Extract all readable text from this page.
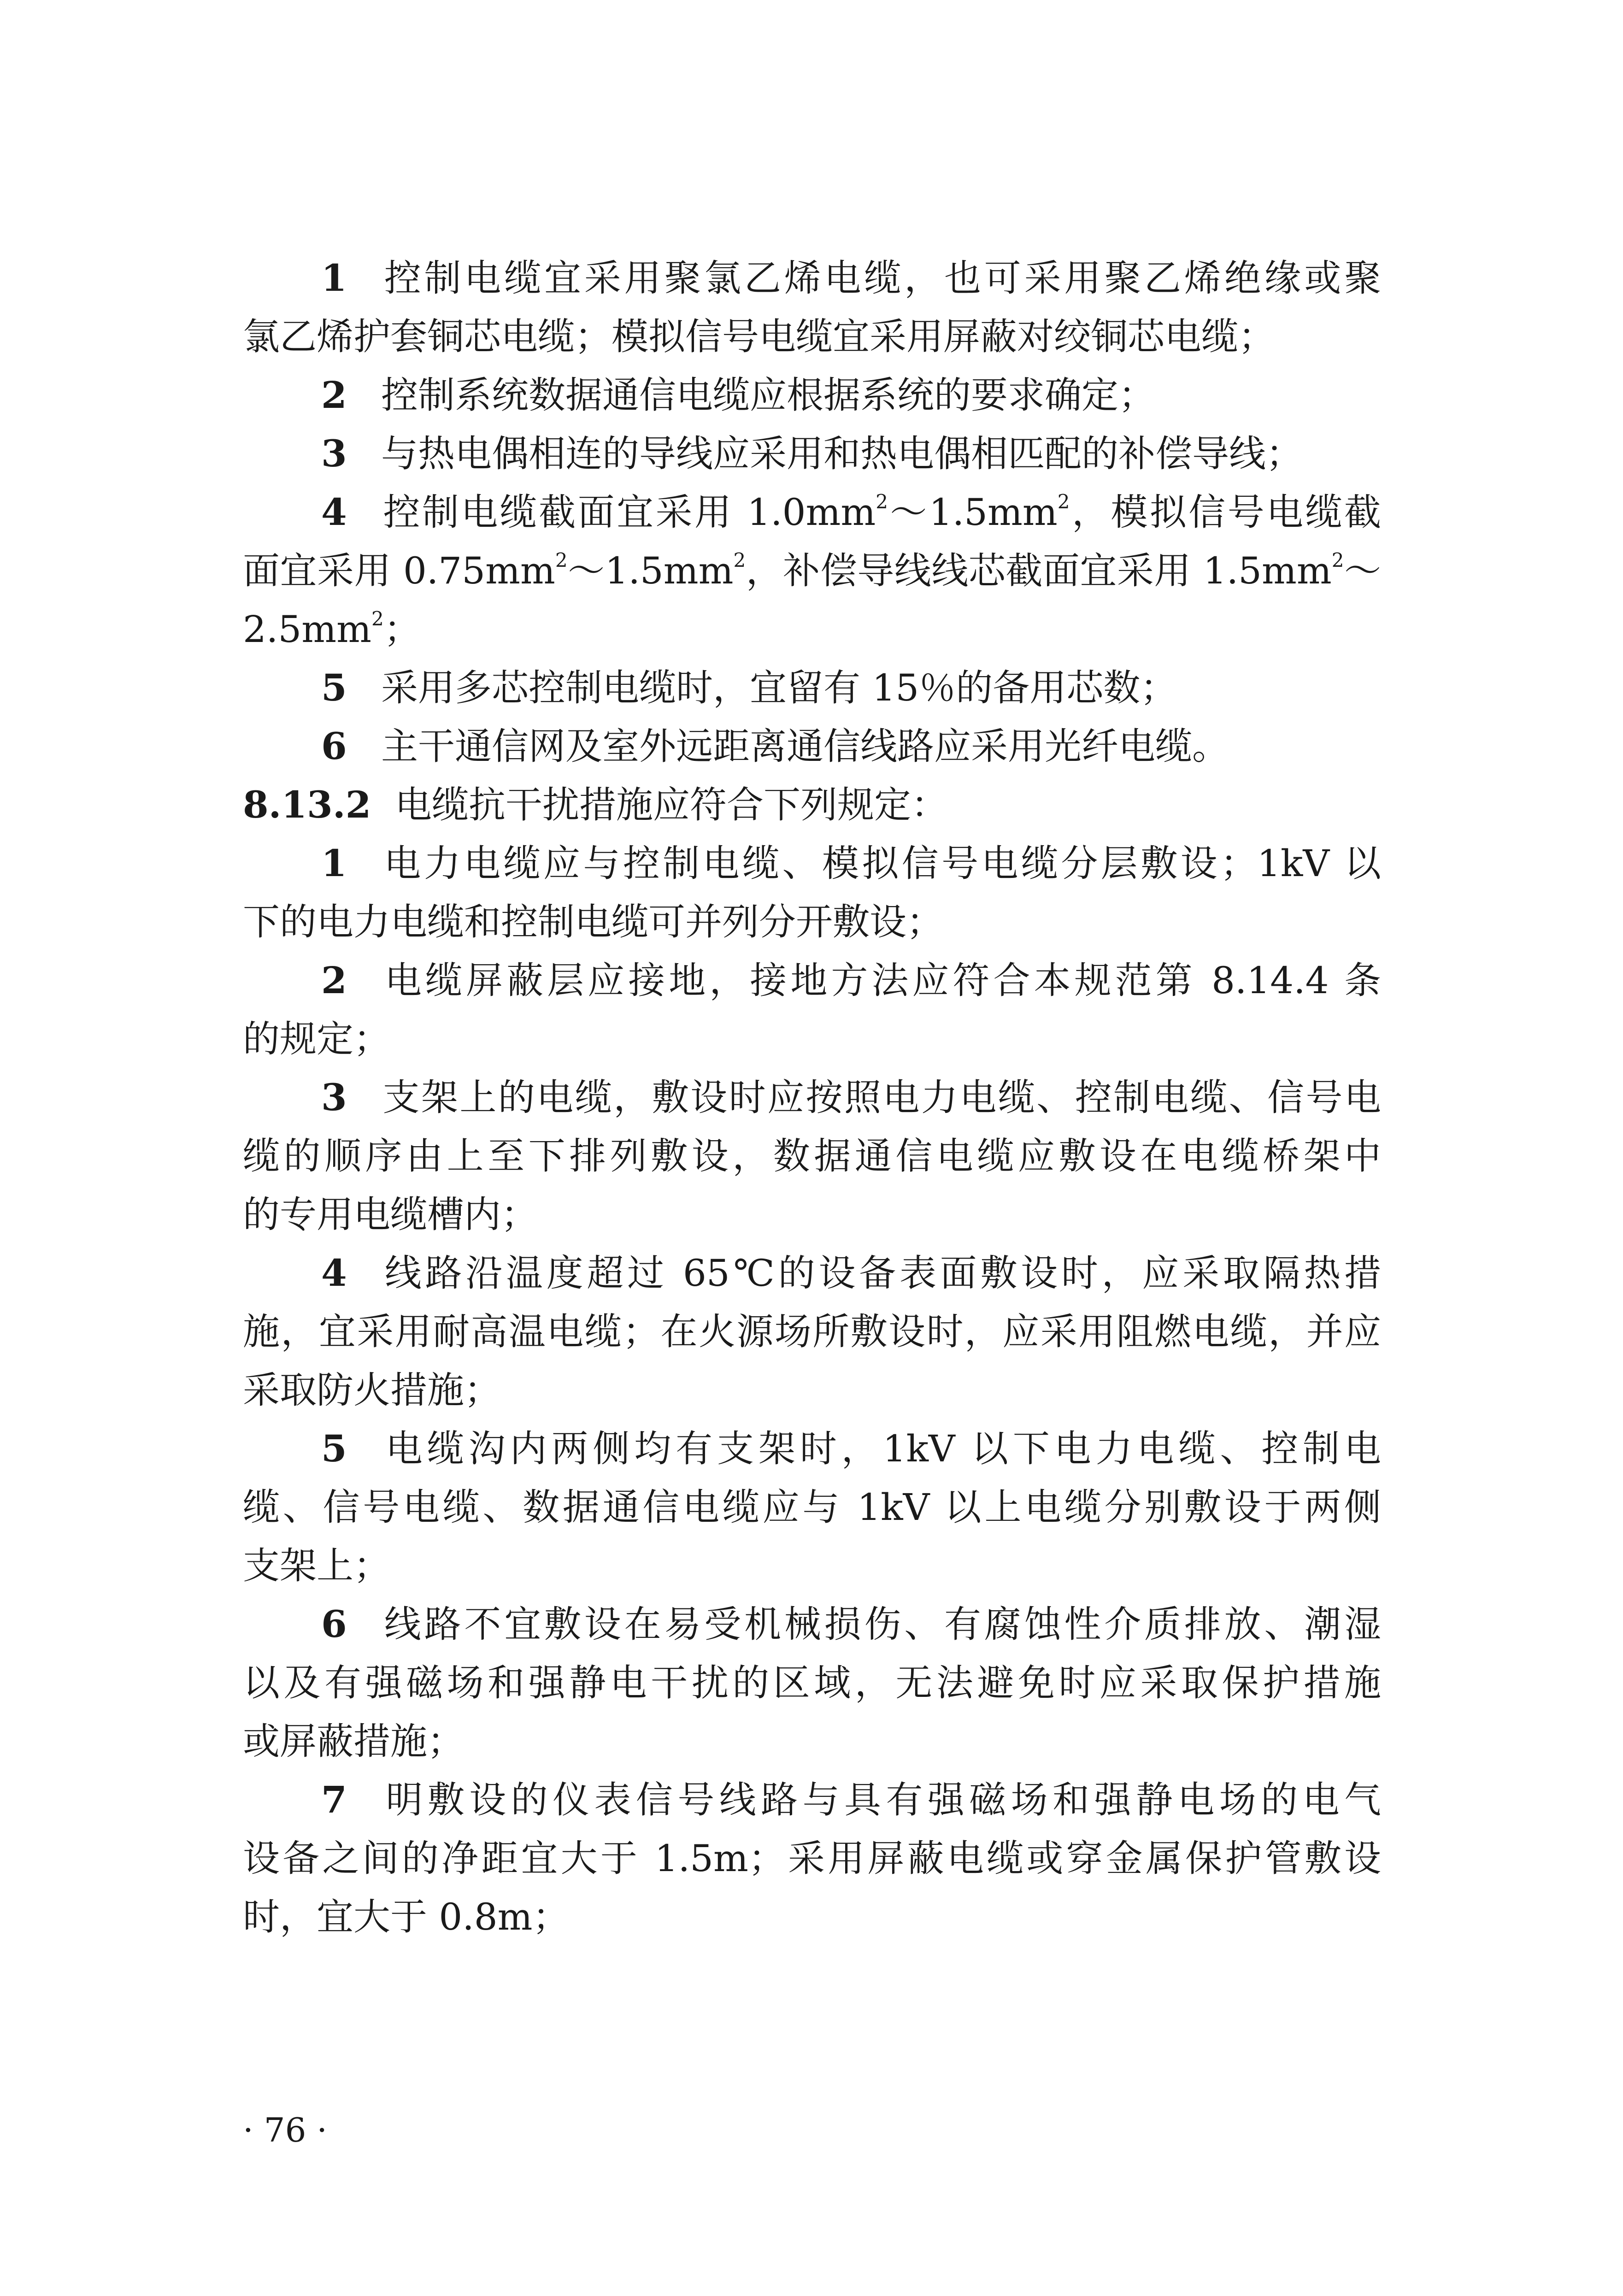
1 控制电缆宜采用聚氯乙烯电缆，也可采用聚乙烯绝缘或聚
氯乙烯护套铜芯电缆；模拟信号电缆宜采用屏蔽对绞铜芯电缆；
2 控制系统数据通信电缆应根据系统的要求确定；
3 与热电偶相连的导线应采用和热电偶相匹配的补偿导线；
4 控制电缆截面宜采用 $1.0mm^2\sim 1.5mm^2$，模拟信号电缆截
面宜采用 $0.75mm^2\sim 1.5mm^2$，补偿导线线芯截面宜采用 $1.5mm^2\sim$
$2.5mm^2$；
5 采用多芯控制电缆时，宜留有 15％的备用芯数；
6 主干通信网及室外远距离通信线路应采用光纤电缆。
8.13.2 电缆抗干扰措施应符合下列规定：
1 电力电缆应与控制电缆、模拟信号电缆分层敷设；1kV 以
下的电力电缆和控制电缆可并列分开敷设；
2 电缆屏蔽层应接地，接地方法应符合本规范第 8.14.4 条
的规定；
3 支架上的电缆，敷设时应按照电力电缆、控制电缆、信号电
缆的顺序由上至下排列敷设，数据通信电缆应敷设在电缆桥架中
的专用电缆槽内；
4 线路沿温度超过 65℃的设备表面敷设时，应采取隔热措
施，宜采用耐高温电缆；在火源场所敷设时，应采用阻燃电缆，并应
采取防火措施；
5 电缆沟内两侧均有支架时，1kV 以下电力电缆、控制电
缆、信号电缆、数据通信电缆应与 1kV 以上电缆分别敷设于两侧
支架上；
6 线路不宜敷设在易受机械损伤、有腐蚀性介质排放、潮湿
以及有强磁场和强静电干扰的区域，无法避免时应采取保护措施
或屏蔽措施；
7 明敷设的仪表信号线路与具有强磁场和强静电场的电气
设备之间的净距宜大于 1.5m；采用屏蔽电缆或穿金属保护管敷设
时，宜大于 0.8m；
· 76 ·
